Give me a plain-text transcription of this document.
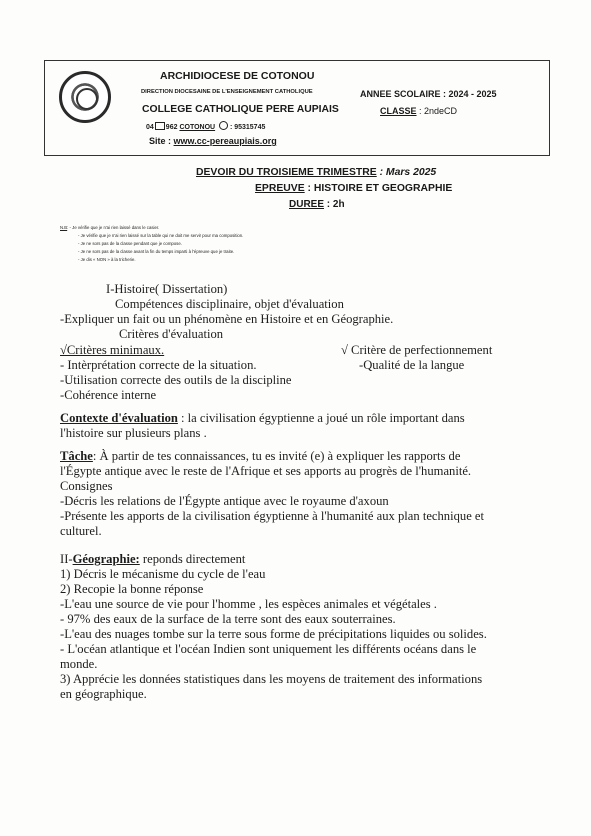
ARCHIDIOCESE DE COTONOU
DIRECTION DIOCESAINE DE L'ENSEIGNEMENT CATHOLIQUE
COLLEGE CATHOLIQUE PERE AUPIAIS
04 962 COTONOU : 95315745
Site : www.cc-pereaupiais.org
ANNEE SCOLAIRE : 2024 - 2025
CLASSE : 2ndeCD
DEVOIR DU TROISIEME TRIMESTRE : Mars 2025
EPREUVE : HISTOIRE ET GEOGRAPHIE
DUREE : 2h
N.B: - Je vérifie que je n'ai rien laissé dans le casier.
- Je vérifie que je n'ai rien laissé sur la table qui ne doit me servir pour ma composition.
- Je ne sors pas de la classe pendant que je compose.
- Je ne sors pas de la classe avant la fin du temps imparti à l'épreuve que je traite.
- Je dis « NON » à la tricherie.
I-Histoire( Dissertation)
Compétences disciplinaire, objet d'évaluation
-Expliquer un fait ou un phénomène en Histoire et en Géographie.
Critères d'évaluation
√Critères minimaux.	√ Critère de perfectionnement
- Intèrprétation correcte de la situation.	-Qualité de la langue
-Utilisation correcte des outils de la discipline
-Cohérence interne
Contexte d'évaluation : la civilisation égyptienne a joué un rôle important dans
l'histoire sur plusieurs plans .
Tâche: À partir de tes connaissances, tu es invité (e) à expliquer les rapports de
l'Égypte antique avec le reste de l'Afrique et ses apports au progrès de l'humanité.
Consignes
-Décris les relations de l'Égypte antique avec le royaume d'axoun
-Présente les apports de la civilisation égyptienne à l'humanité aux plan technique et
culturel.
II-Géographie: reponds directement
1) Décris le mécanisme du cycle de l'eau
2) Recopie la bonne réponse
-L'eau une source de vie pour l'homme , les espèces animales et végétales .
- 97% des eaux de la surface de la terre sont des eaux souterraines.
-L'eau des nuages tombe sur la terre sous forme de précipitations liquides ou solides.
- L'océan atlantique et l'océan Indien sont uniquement les différents océans dans le
monde.
3) Apprécie les données statistiques dans les moyens de traitement des informations
en géographique.
